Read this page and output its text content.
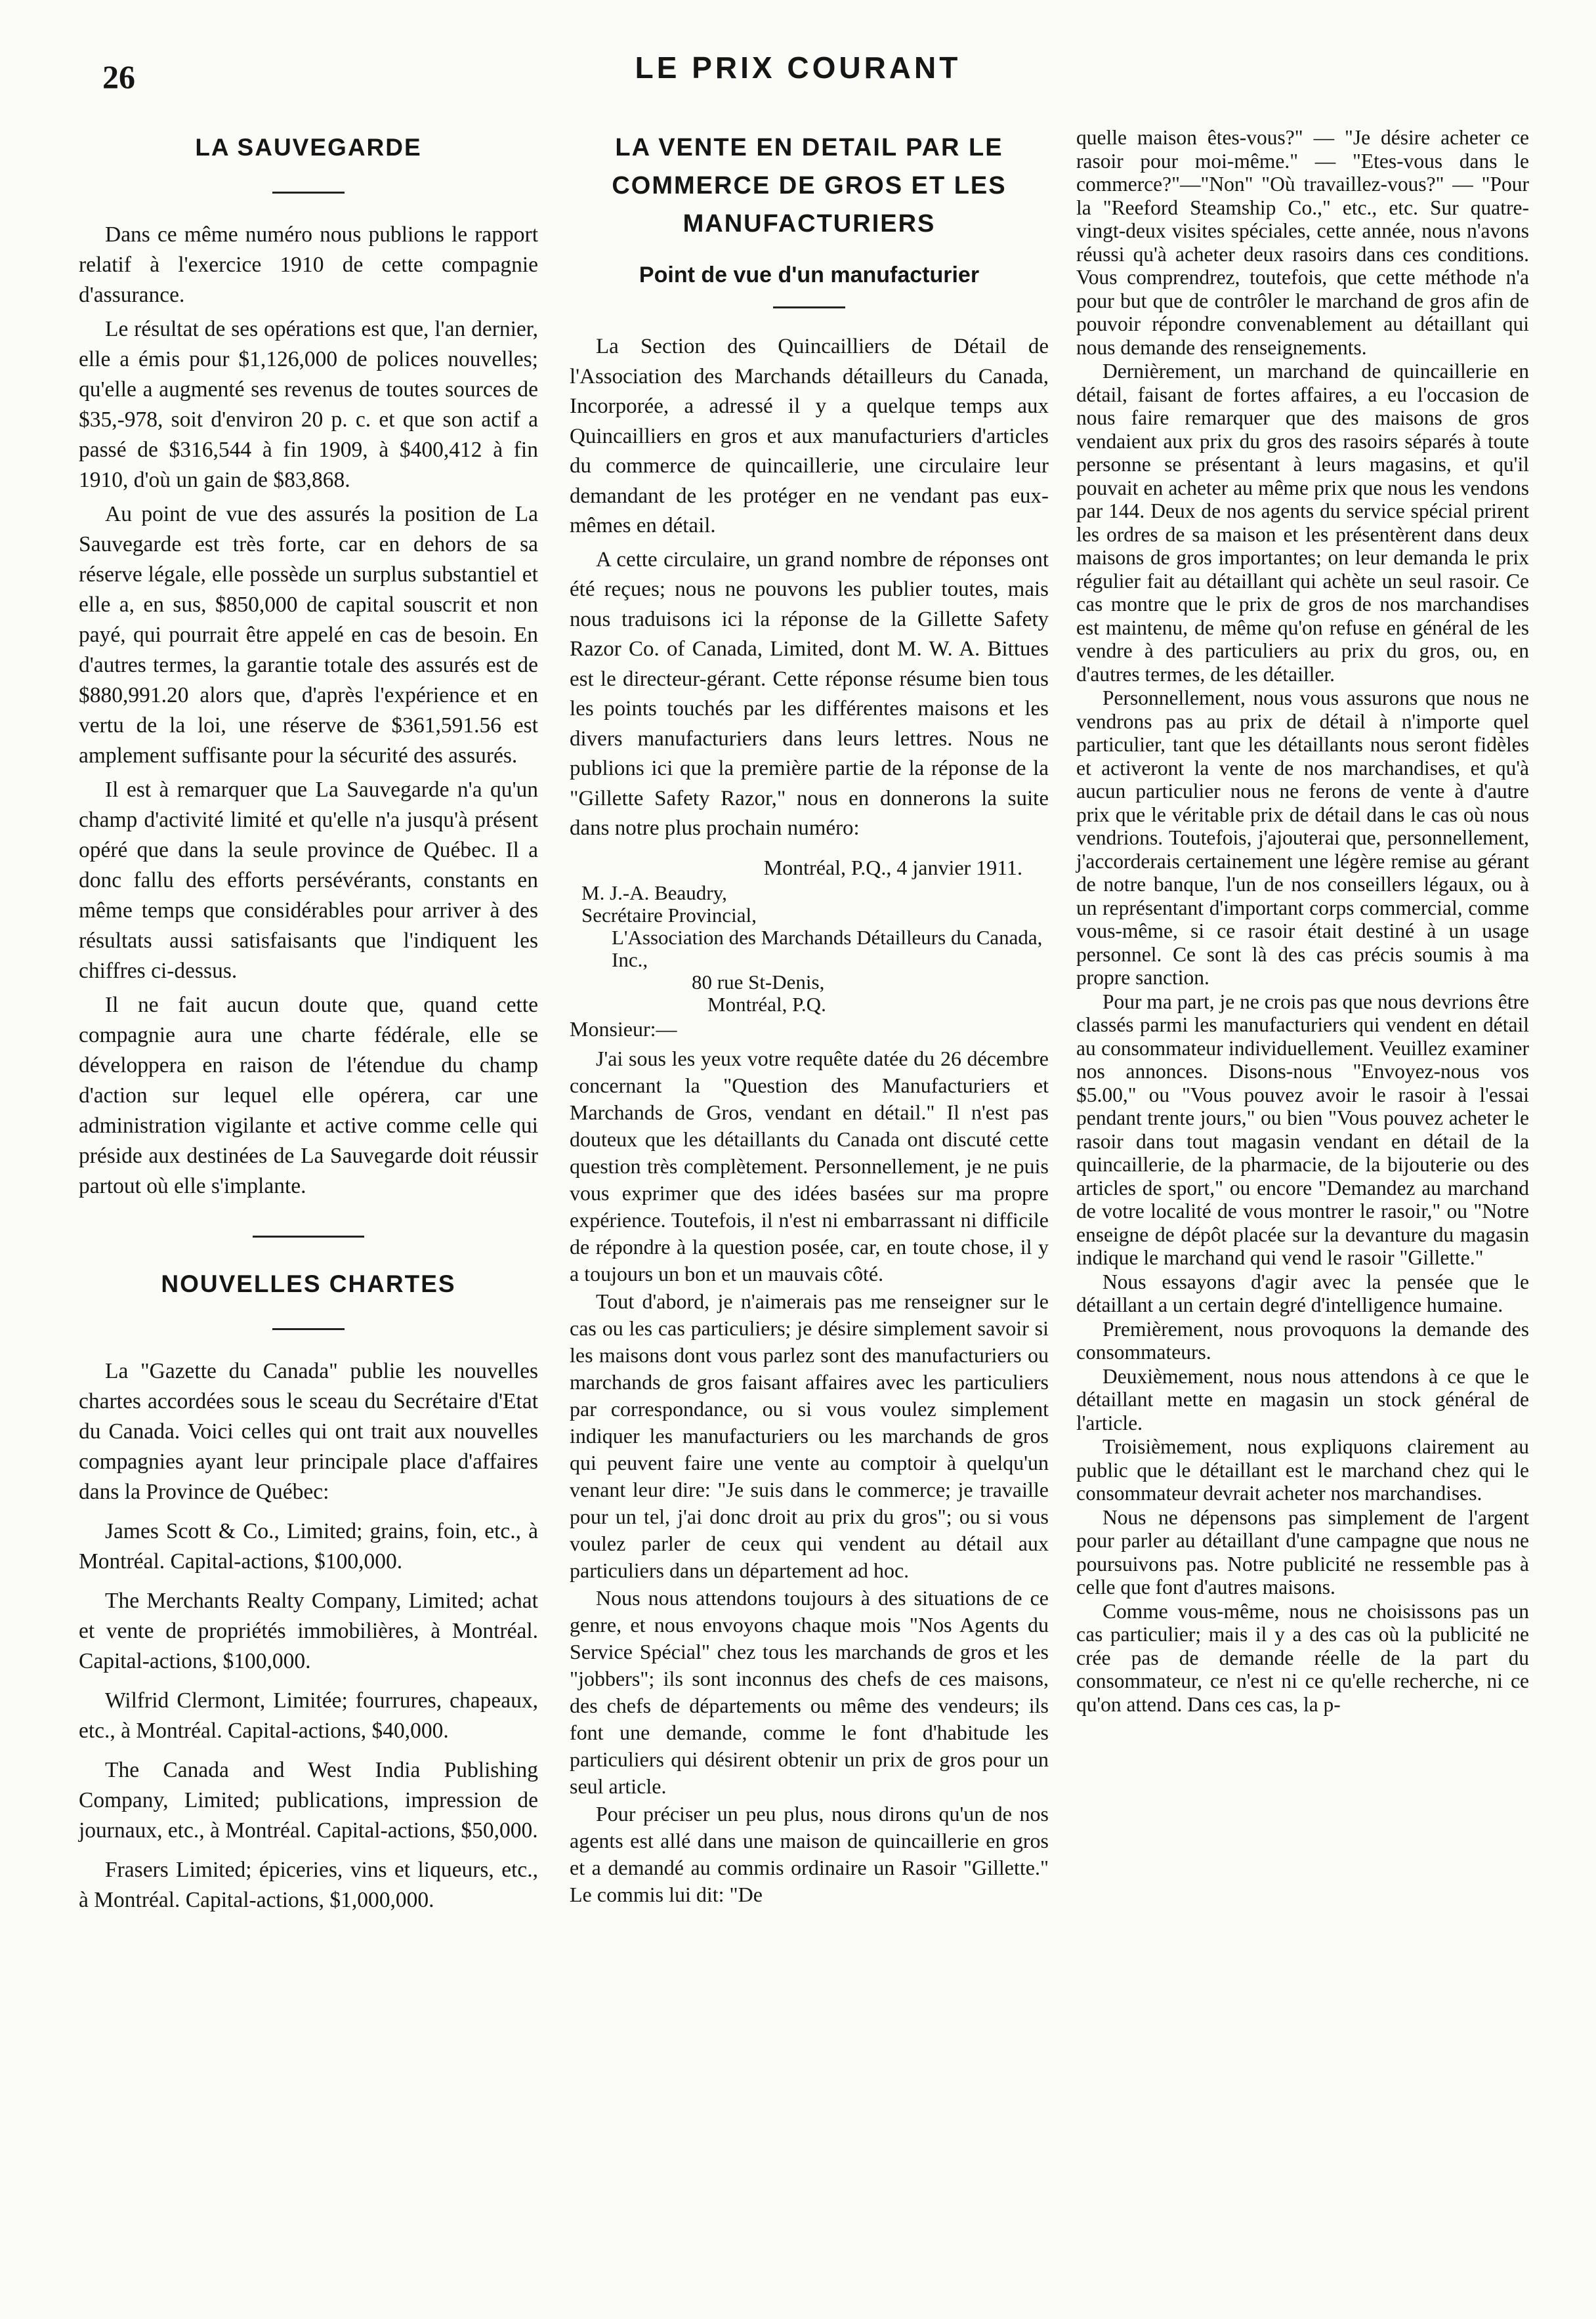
26	LE PRIX COURANT
LA SAUVEGARDE

Dans ce même numéro nous publions le rapport relatif à l'exercice 1910 de cette compagnie d'assurance.

Le résultat de ses opérations est que, l'an dernier, elle a émis pour $1,126,000 de polices nouvelles; qu'elle a augmenté ses revenus de toutes sources de $35,-978, soit d'environ 20 p. c. et que son actif a passé de $316,544 à fin 1909, à $400,412 à fin 1910, d'où un gain de $83,868.

Au point de vue des assurés la position de La Sauvegarde est très forte, car en dehors de sa réserve légale, elle possède un surplus substantiel et elle a, en sus, $850,000 de capital souscrit et non payé, qui pourrait être appelé en cas de besoin. En d'autres termes, la garantie totale des assurés est de $880,991.20 alors que, d'après l'expérience et en vertu de la loi, une réserve de $361,591.56 est amplement suffisante pour la sécurité des assurés.

Il est à remarquer que La Sauvegarde n'a qu'un champ d'activité limité et qu'elle n'a jusqu'à présent opéré que dans la seule province de Québec. Il a donc fallu des efforts persévérants, constants en même temps que considérables pour arriver à des résultats aussi satisfaisants que l'indiquent les chiffres ci-dessus.

Il ne fait aucun doute que, quand cette compagnie aura une charte fédérale, elle se développera en raison de l'étendue du champ d'action sur lequel elle opérera, car une administration vigilante et active comme celle qui préside aux destinées de La Sauvegarde doit réussir partout où elle s'implante.

NOUVELLES CHARTES

La "Gazette du Canada" publie les nouvelles chartes accordées sous le sceau du Secrétaire d'Etat du Canada. Voici celles qui ont trait aux nouvelles compagnies ayant leur principale place d'affaires dans la Province de Québec:

James Scott & Co., Limited; grains, foin, etc., à Montréal. Capital-actions, $100,000.

The Merchants Realty Company, Limited; achat et vente de propriétés immobilières, à Montréal. Capital-actions, $100,000.

Wilfrid Clermont, Limitée; fourrures, chapeaux, etc., à Montréal. Capital-actions, $40,000.

The Canada and West India Publishing Company, Limited; publications, impression de journaux, etc., à Montréal. Capital-actions, $50,000.

Frasers Limited; épiceries, vins et liqueurs, etc., à Montréal. Capital-actions, $1,000,000.

LA VENTE EN DETAIL PAR LE COMMERCE DE GROS ET LES MANUFACTURIERS
Point de vue d'un manufacturier

La Section des Quincailliers de Détail de l'Association des Marchands détailleurs du Canada, Incorporée, a adressé il y a quelque temps aux Quincailliers en gros et aux manufacturiers d'articles du commerce de quincaillerie, une circulaire leur demandant de les protéger en ne vendant pas eux-mêmes en détail.

A cette circulaire, un grand nombre de réponses ont été reçues; nous ne pouvons les publier toutes, mais nous traduisons ici la réponse de la Gillette Safety Razor Co. of Canada, Limited, dont M. W. A. Bittues est le directeur-gérant. Cette réponse résume bien tous les points touchés par les différentes maisons et les divers manufacturiers dans leurs lettres. Nous ne publions ici que la première partie de la réponse de la "Gillette Safety Razor," nous en donnerons la suite dans notre plus prochain numéro:

Montréal, P.Q., 4 janvier 1911.

M. J.-A. Beaudry,
Secrétaire Provincial,
L'Association des Marchands Détailleurs du Canada, Inc.,
80 rue St-Denis,
Montréal, P.Q.

Monsieur:—

J'ai sous les yeux votre requête datée du 26 décembre concernant la "Question des Manufacturiers et Marchands de Gros, vendant en détail." Il n'est pas douteux que les détaillants du Canada ont discuté cette question très complètement. Personnellement, je ne puis vous exprimer que des idées basées sur ma propre expérience. Toutefois, il n'est ni embarrassant ni difficile de répondre à la question posée, car, en toute chose, il y a toujours un bon et un mauvais côté.

Tout d'abord, je n'aimerais pas me renseigner sur le cas ou les cas particuliers; je désire simplement savoir si les maisons dont vous parlez sont des manufacturiers ou marchands de gros faisant affaires avec les particuliers par correspondance, ou si vous voulez simplement indiquer les manufacturiers ou les marchands de gros qui peuvent faire une vente au comptoir à quelqu'un venant leur dire: "Je suis dans le commerce; je travaille pour un tel, j'ai donc droit au prix du gros"; ou si vous voulez parler de ceux qui vendent au détail aux particuliers dans un département ad hoc.

Nous nous attendons toujours à des situations de ce genre, et nous envoyons chaque mois "Nos Agents du Service Spécial" chez tous les marchands de gros et les "jobbers"; ils sont inconnus des chefs de ces maisons, des chefs de départements ou même des vendeurs; ils font une demande, comme le font d'habitude les particuliers qui désirent obtenir un prix de gros pour un seul article.

Pour préciser un peu plus, nous dirons qu'un de nos agents est allé dans une maison de quincaillerie en gros et a demandé au commis ordinaire un Rasoir "Gillette." Le commis lui dit: "De

quelle maison êtes-vous?" — "Je désire acheter ce rasoir pour moi-même." — "Etes-vous dans le commerce?"—"Non" "Où travaillez-vous?" — "Pour la "Reeford Steamship Co.," etc., etc. Sur quatre-vingt-deux visites spéciales, cette année, nous n'avons réussi qu'à acheter deux rasoirs dans ces conditions. Vous comprendrez, toutefois, que cette méthode n'a pour but que de contrôler le marchand de gros afin de pouvoir répondre convenablement au détaillant qui nous demande des renseignements.

Dernièrement, un marchand de quincaillerie en détail, faisant de fortes affaires, a eu l'occasion de nous faire remarquer que des maisons de gros vendaient aux prix du gros des rasoirs séparés à toute personne se présentant à leurs magasins, et qu'il pouvait en acheter au même prix que nous les vendons par 144. Deux de nos agents du service spécial prirent les ordres de sa maison et les présentèrent dans deux maisons de gros importantes; on leur demanda le prix régulier fait au détaillant qui achète un seul rasoir. Ce cas montre que le prix de gros de nos marchandises est maintenu, de même qu'on refuse en général de les vendre à des particuliers au prix du gros, ou, en d'autres termes, de les détailler.

Personnellement, nous vous assurons que nous ne vendrons pas au prix de détail à n'importe quel particulier, tant que les détaillants nous seront fidèles et activeront la vente de nos marchandises, et qu'à aucun particulier nous ne ferons de vente à d'autre prix que le véritable prix de détail dans le cas où nous vendrions. Toutefois, j'ajouterai que, personnellement, j'accorderais certainement une légère remise au gérant de notre banque, l'un de nos conseillers légaux, ou à un représentant d'important corps commercial, comme vous-même, si ce rasoir était destiné à un usage personnel. Ce sont là des cas précis soumis à ma propre sanction.

Pour ma part, je ne crois pas que nous devrions être classés parmi les manufacturiers qui vendent en détail au consommateur individuellement. Veuillez examiner nos annonces. Disons-nous "Envoyez-nous vos $5.00," ou "Vous pouvez avoir le rasoir à l'essai pendant trente jours," ou bien "Vous pouvez acheter le rasoir dans tout magasin vendant en détail de la quincaillerie, de la pharmacie, de la bijouterie ou des articles de sport," ou encore "Demandez au marchand de votre localité de vous montrer le rasoir," ou "Notre enseigne de dépôt placée sur la devanture du magasin indique le marchand qui vend le rasoir "Gillette."

Nous essayons d'agir avec la pensée que le détaillant a un certain degré d'intelligence humaine.

Premièrement, nous provoquons la demande des consommateurs.

Deuxièmement, nous nous attendons à ce que le détaillant mette en magasin un stock général de l'article.

Troisièmement, nous expliquons clairement au public que le détaillant est le marchand chez qui le consommateur devrait acheter nos marchandises.

Nous ne dépensons pas simplement de l'argent pour parler au détaillant d'une campagne que nous ne poursuivons pas. Notre publicité ne ressemble pas à celle que font d'autres maisons.

Comme vous-même, nous ne choisissons pas un cas particulier; mais il y a des cas où la publicité ne crée pas de demande réelle de la part du consommateur, ce n'est ni ce qu'elle recherche, ni ce qu'on attend. Dans ces cas, la p-
